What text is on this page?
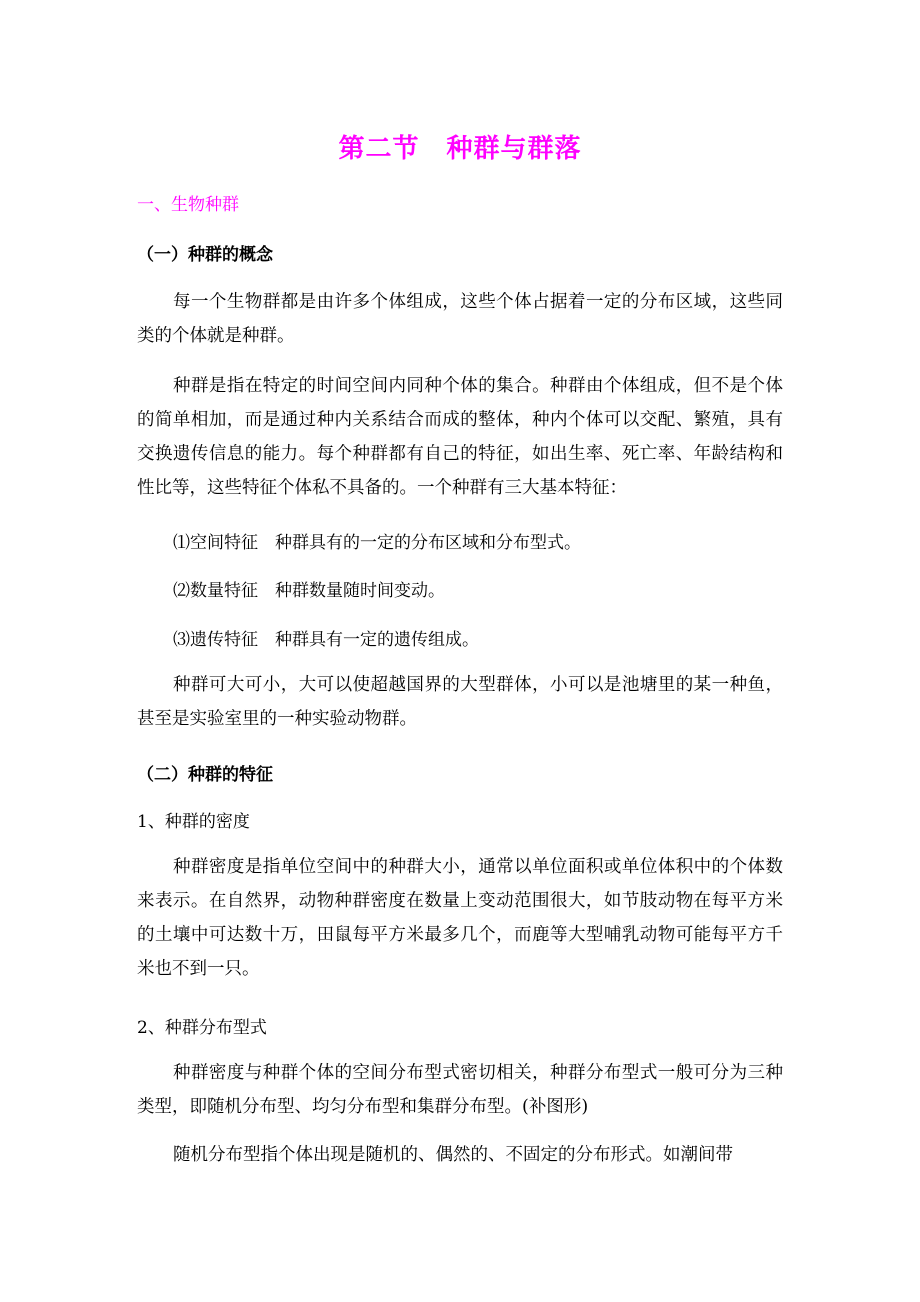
第二节　种群与群落
一、生物种群
（一）种群的概念
每一个生物群都是由许多个体组成，这些个体占据着一定的分布区域，这些同类的个体就是种群。
种群是指在特定的时间空间内同种个体的集合。种群由个体组成，但不是个体的简单相加，而是通过种内关系结合而成的整体，种内个体可以交配、繁殖，具有交换遗传信息的能力。每个种群都有自己的特征，如出生率、死亡率、年龄结构和性比等，这些特征个体私不具备的。一个种群有三大基本特征：
⑴空间特征　种群具有的一定的分布区域和分布型式。
⑵数量特征　种群数量随时间变动。
⑶遗传特征　种群具有一定的遗传组成。
种群可大可小，大可以使超越国界的大型群体，小可以是池塘里的某一种鱼，甚至是实验室里的一种实验动物群。
（二）种群的特征
1、种群的密度
种群密度是指单位空间中的种群大小，通常以单位面积或单位体积中的个体数来表示。在自然界，动物种群密度在数量上变动范围很大，如节肢动物在每平方米的土壤中可达数十万，田鼠每平方米最多几个，而鹿等大型哺乳动物可能每平方千米也不到一只。
2、种群分布型式
种群密度与种群个体的空间分布型式密切相关，种群分布型式一般可分为三种类型，即随机分布型、均匀分布型和集群分布型。(补图形)
随机分布型指个体出现是随机的、偶然的、不固定的分布形式。如潮间带
